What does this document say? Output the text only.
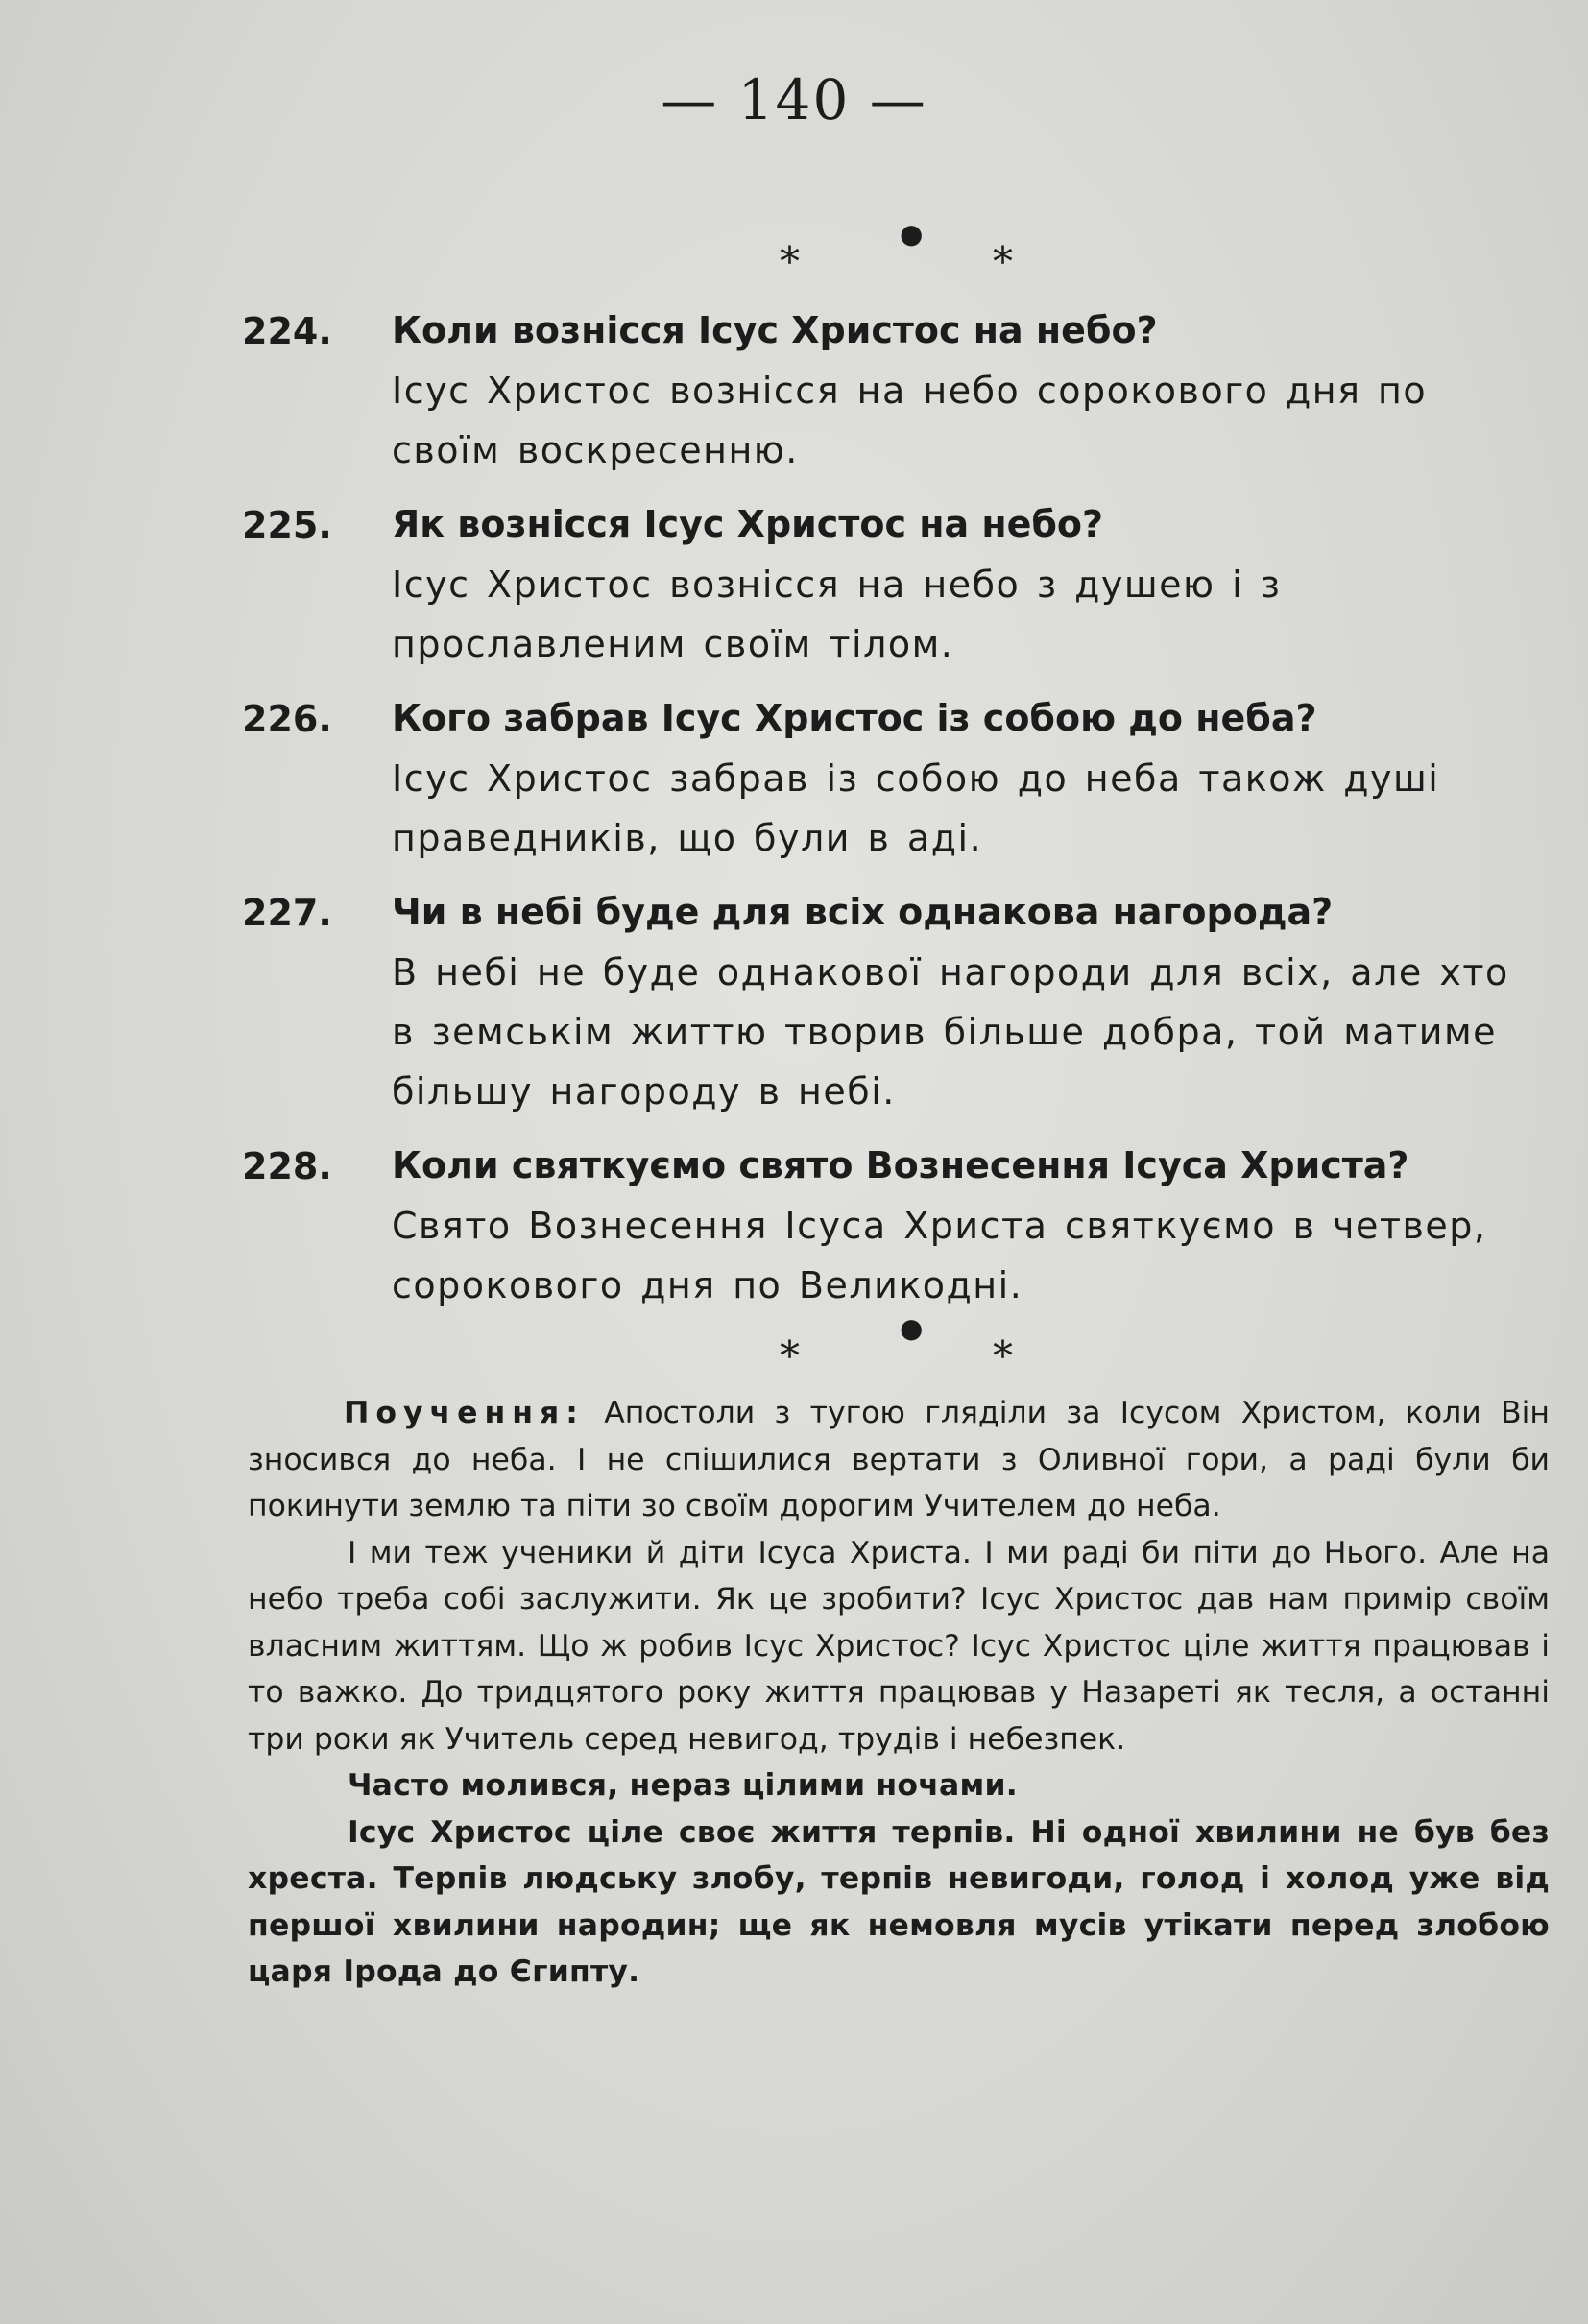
— 140 —
●
*	*
224. Коли вознісся Ісус Христос на небо?
Ісус Христос вознісся на небо сорокового дня по своїм воскресенню.
225. Як вознісся Ісус Христос на небо?
Ісус Христос вознісся на небо з душею і з прославленим своїм тілом.
226. Кого забрав Ісус Христос із собою до неба?
Ісус Христос забрав із собою до неба також душі праведників, що були в аді.
227. Чи в небі буде для всіх однакова нагорода?
В небі не буде однакової нагороди для всіх, але хто в земськім життю творив більше добра, той матиме більшу нагороду в небі.
228. Коли святкуємо свято Вознесення Ісуса Христа?
Свято Вознесення Ісуса Христа святкуємо в четвер, сорокового дня по Великодні.
●
*	*

Поучення: Апостоли з тугою гляділи за Ісусом Христом, коли Він зносився до неба. І не спішилися вертати з Оливної гори, а раді були би покинути землю та піти зо своїм дорогим Учителем до неба.

І ми теж ученики й діти Ісуса Христа. І ми раді би піти до Нього. Але на небо треба собі заслужити. Як це зробити? Ісус Христос дав нам примір своїм власним життям. Що ж робив Ісус Христос? Ісус Христос ціле життя працював і то важко. До тридцятого року життя працював у Назареті як тесля, а останні три роки як Учитель серед невигод, трудів і небезпек.

Часто молився, нераз цілими ночами.

Ісус Христос ціле своє життя терпів. Ні одної хвилини не був без хреста. Терпів людську злобу, терпів невигоди, голод і холод уже від першої хвилини народин; ще як немовля мусів утікати перед злобою царя Ірода до Єгипту.
